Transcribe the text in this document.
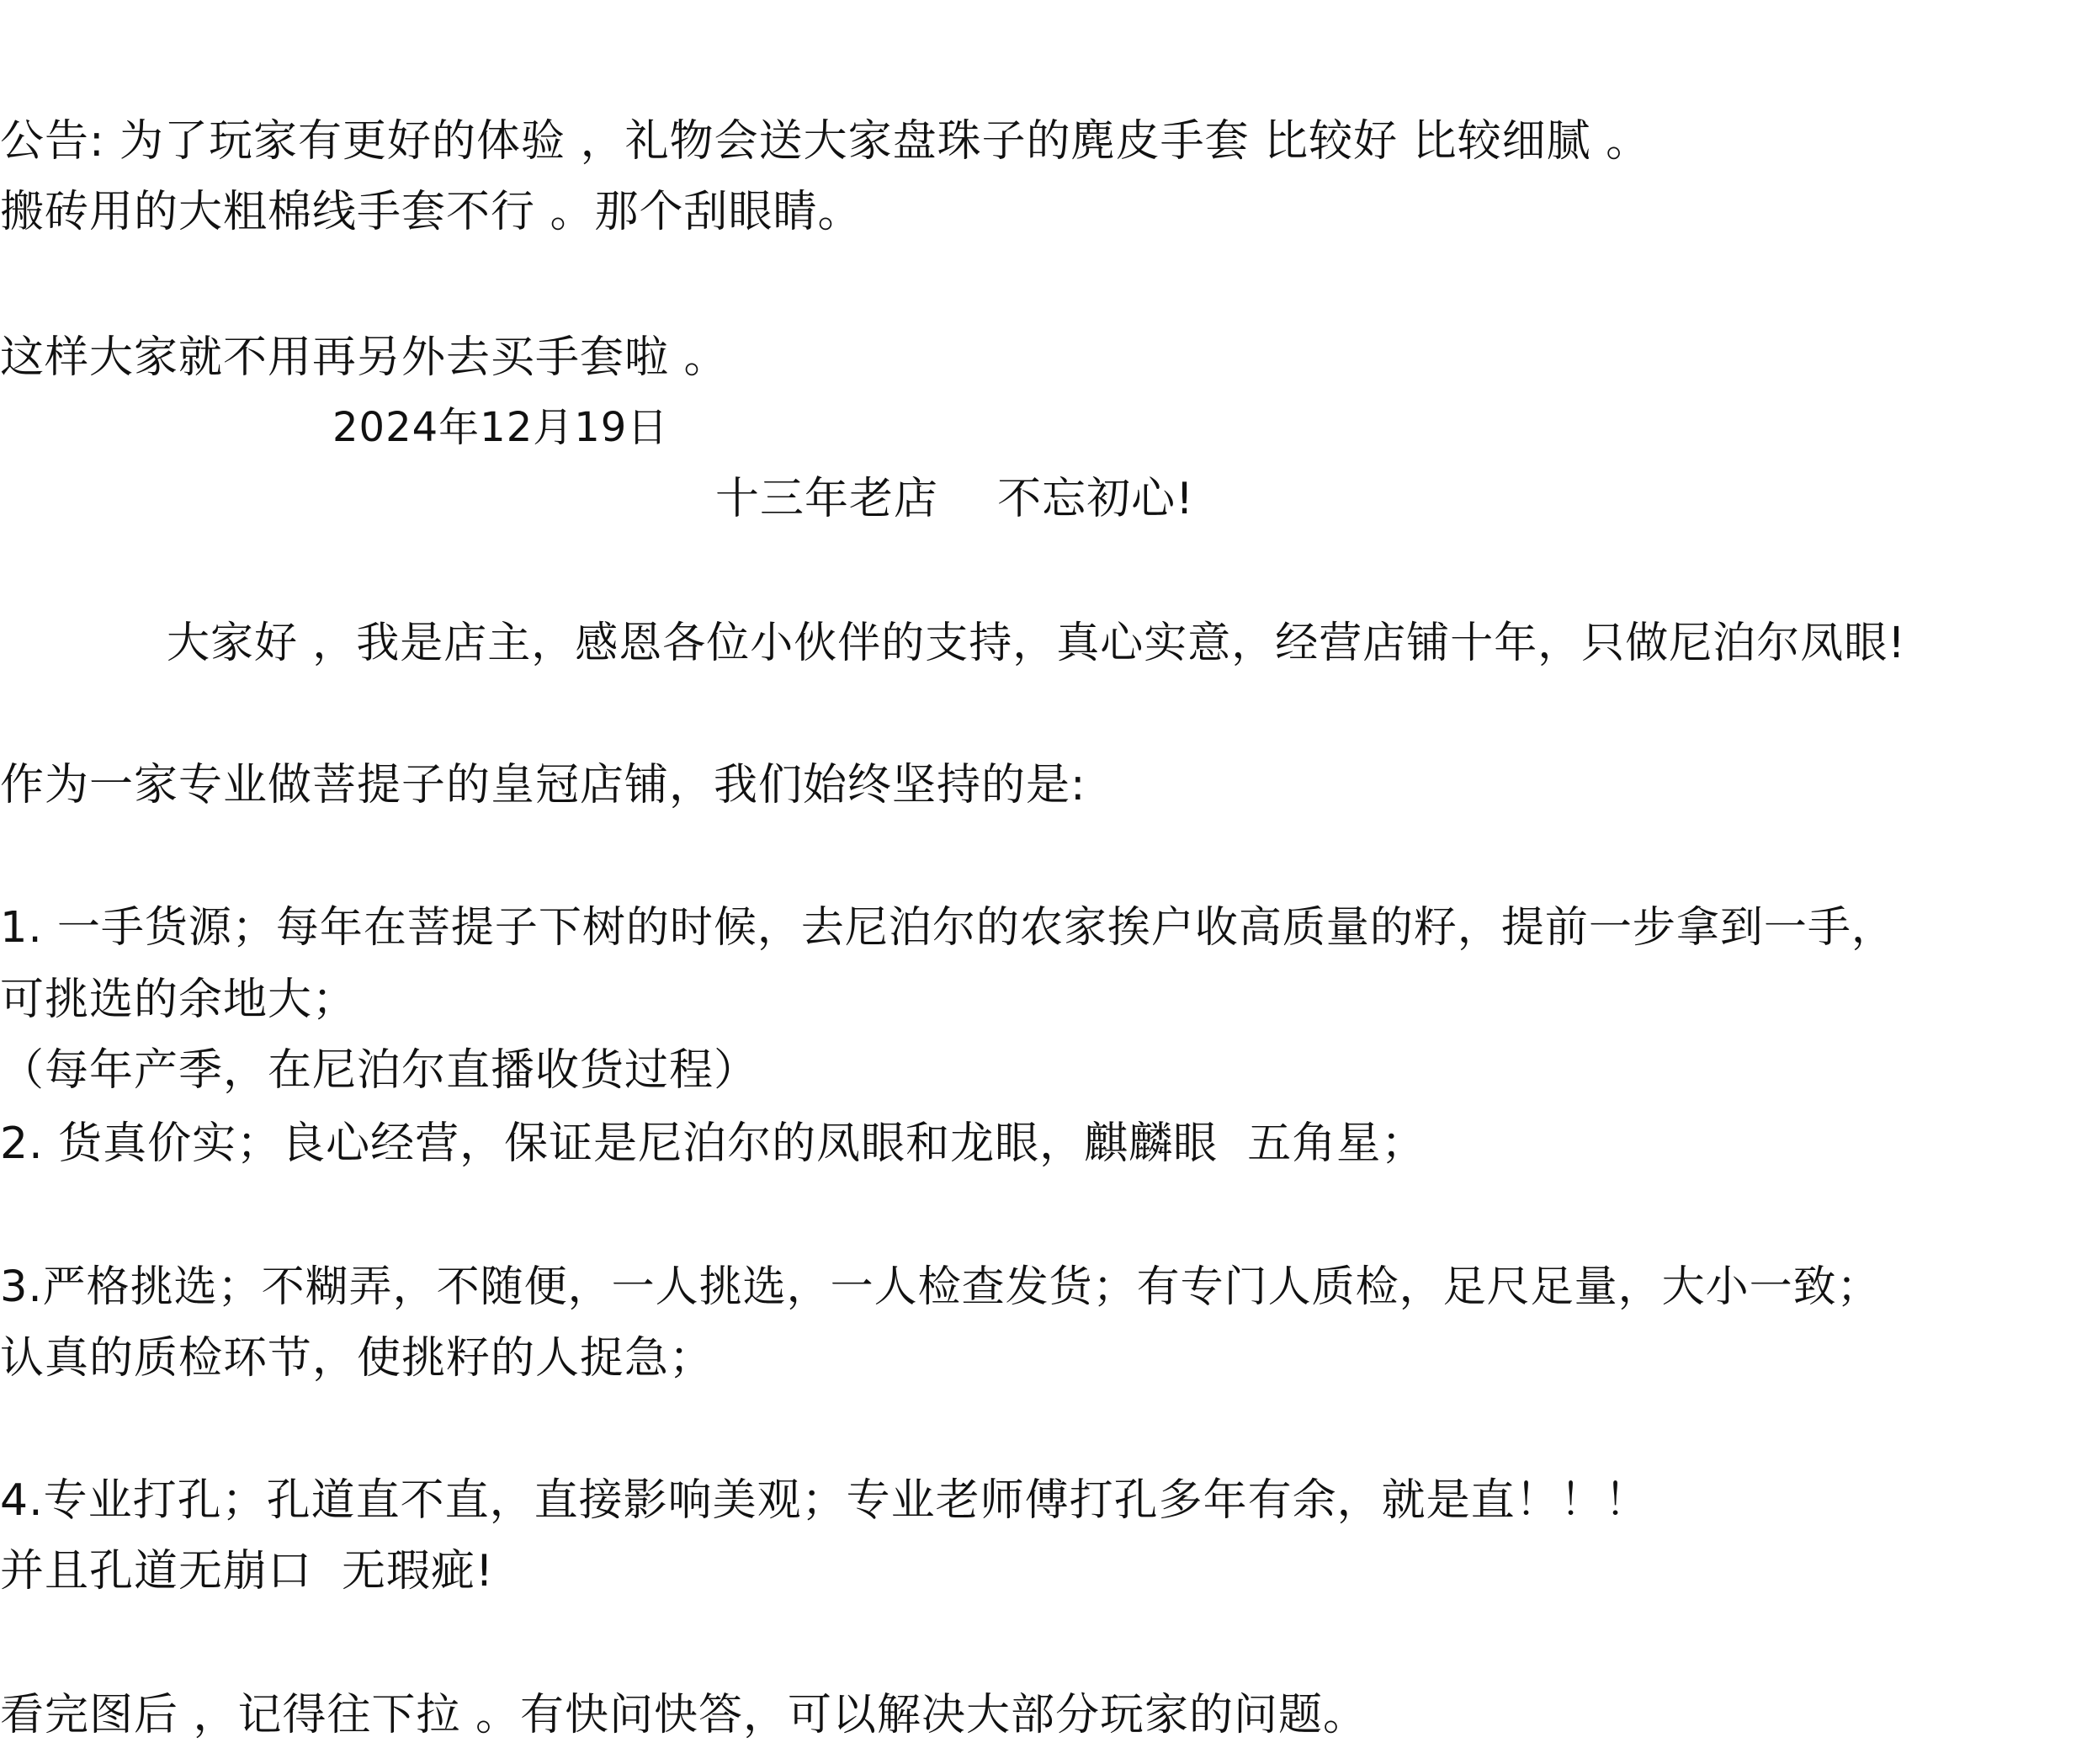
公告: 为了玩家有更好的体验 ，礼物会送大家盘珠子的麂皮手套 比较好 比较细腻 。
搬砖用的大粗棉线手套不行 。那个刮眼睛。
这样大家就不用再另外去买手套啦 。
2024年12月19日
十三年老店    不忘初心!
大家好 ，我是店主，感恩各位小伙伴的支持，真心实意，经营店铺十年，只做尼泊尔凤眼!
作为一家专业做菩提子的皇冠店铺，我们始终坚持的是:
1. 一手货源；每年在菩提子下树的时候，去尼泊尔的农家挨户收高质量的籽，提前一步拿到一手，
可挑选的余地大；
（每年产季，在尼泊尔直播收货过程）
2. 货真价实；良心经营，保证是尼泊尔的凤眼和龙眼，麒麟眼  五角星；
3.严格挑选；不糊弄，不随便，一人挑选，一人检查发货；有专门人质检，足尺足量，大小一致；
认真的质检环节，使挑籽的人捉急；
4.专业打孔；孔道直不直，直接影响美观；专业老师傅打孔多年有余，就是直！！！
并且孔道无崩口  无瑕疵!
看完图后 ，记得往下拉 。有快问快答，可以解决大部分玩家的问题。
